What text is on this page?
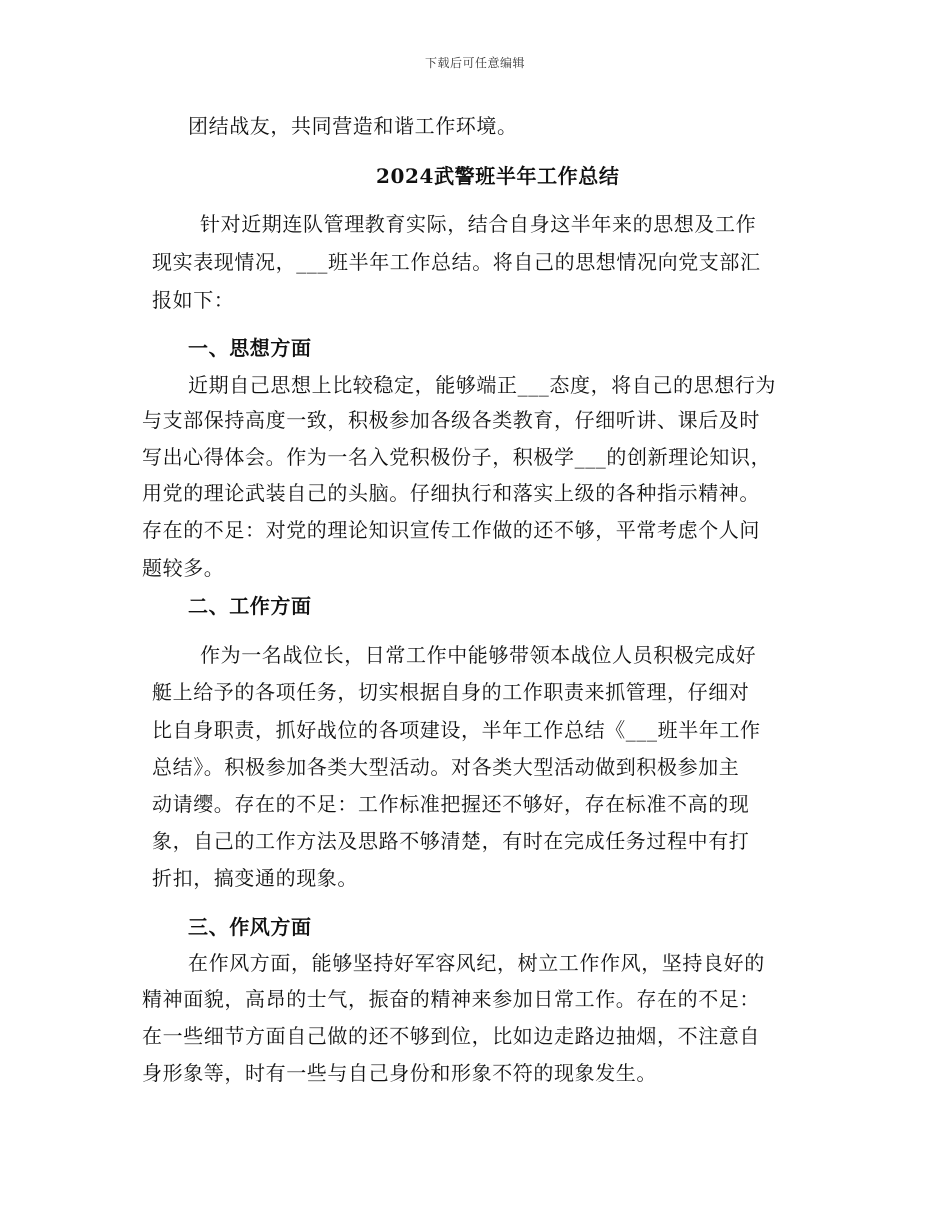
下载后可任意编辑
团结战友，共同营造和谐工作环境。
2024武警班半年工作总结
针对近期连队管理教育实际，结合自身这半年来的思想及工作
现实表现情况，___班半年工作总结。将自己的思想情况向党支部汇
报如下：
一、思想方面
近期自己思想上比较稳定，能够端正___态度，将自己的思想行为
与支部保持高度一致，积极参加各级各类教育，仔细听讲、课后及时
写出心得体会。作为一名入党积极份子，积极学___的创新理论知识，
用党的理论武装自己的头脑。仔细执行和落实上级的各种指示精神。
存在的不足：对党的理论知识宣传工作做的还不够，平常考虑个人问
题较多。
二、工作方面
作为一名战位长，日常工作中能够带领本战位人员积极完成好
艇上给予的各项任务，切实根据自身的工作职责来抓管理，仔细对
比自身职责，抓好战位的各项建设，半年工作总结《___班半年工作
总结》。积极参加各类大型活动。对各类大型活动做到积极参加主
动请缨。存在的不足：工作标准把握还不够好，存在标准不高的现
象，自己的工作方法及思路不够清楚，有时在完成任务过程中有打
折扣，搞变通的现象。
三、作风方面
在作风方面，能够坚持好军容风纪，树立工作作风，坚持良好的
精神面貌，高昂的士气，振奋的精神来参加日常工作。存在的不足：
在一些细节方面自己做的还不够到位，比如边走路边抽烟，不注意自
身形象等，时有一些与自己身份和形象不符的现象发生。
